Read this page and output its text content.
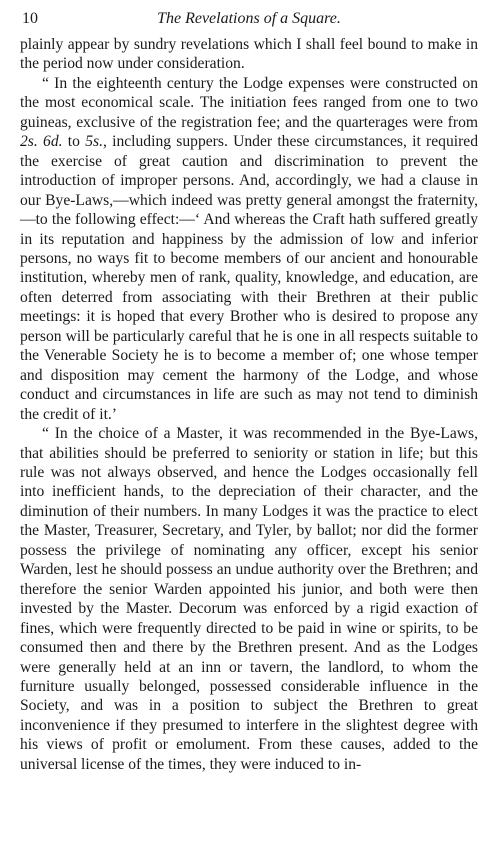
10	The Revelations of a Square.

plainly appear by sundry revelations which I shall feel bound to make in the period now under consideration.

“ In the eighteenth century the Lodge expenses were constructed on the most economical scale. The initiation fees ranged from one to two guineas, exclusive of the registration fee; and the quarterages were from 2s. 6d. to 5s., including suppers. Under these circumstances, it required the exercise of great caution and discrimination to prevent the introduction of improper persons. And, accordingly, we had a clause in our Bye-Laws,—which indeed was pretty general amongst the fraternity,—to the following effect:—‘ And whereas the Craft hath suffered greatly in its reputation and happiness by the admission of low and inferior persons, no ways fit to become members of our ancient and honourable institution, whereby men of rank, quality, knowledge, and education, are often deterred from associating with their Brethren at their public meetings: it is hoped that every Brother who is desired to propose any person will be particularly careful that he is one in all respects suitable to the Venerable Society he is to become a member of; one whose temper and disposition may cement the harmony of the Lodge, and whose conduct and circumstances in life are such as may not tend to diminish the credit of it.’

“ In the choice of a Master, it was recommended in the Bye-Laws, that abilities should be preferred to seniority or station in life; but this rule was not always observed, and hence the Lodges occasionally fell into inefficient hands, to the depreciation of their character, and the diminution of their numbers. In many Lodges it was the practice to elect the Master, Treasurer, Secretary, and Tyler, by ballot; nor did the former possess the privilege of nominating any officer, except his senior Warden, lest he should possess an undue authority over the Brethren; and therefore the senior Warden appointed his junior, and both were then invested by the Master. Decorum was enforced by a rigid exaction of fines, which were frequently directed to be paid in wine or spirits, to be consumed then and there by the Brethren present. And as the Lodges were generally held at an inn or tavern, the landlord, to whom the furniture usually belonged, possessed considerable influence in the Society, and was in a position to subject the Brethren to great inconvenience if they presumed to interfere in the slightest degree with his views of profit or emolument. From these causes, added to the universal license of the times, they were induced to in-
